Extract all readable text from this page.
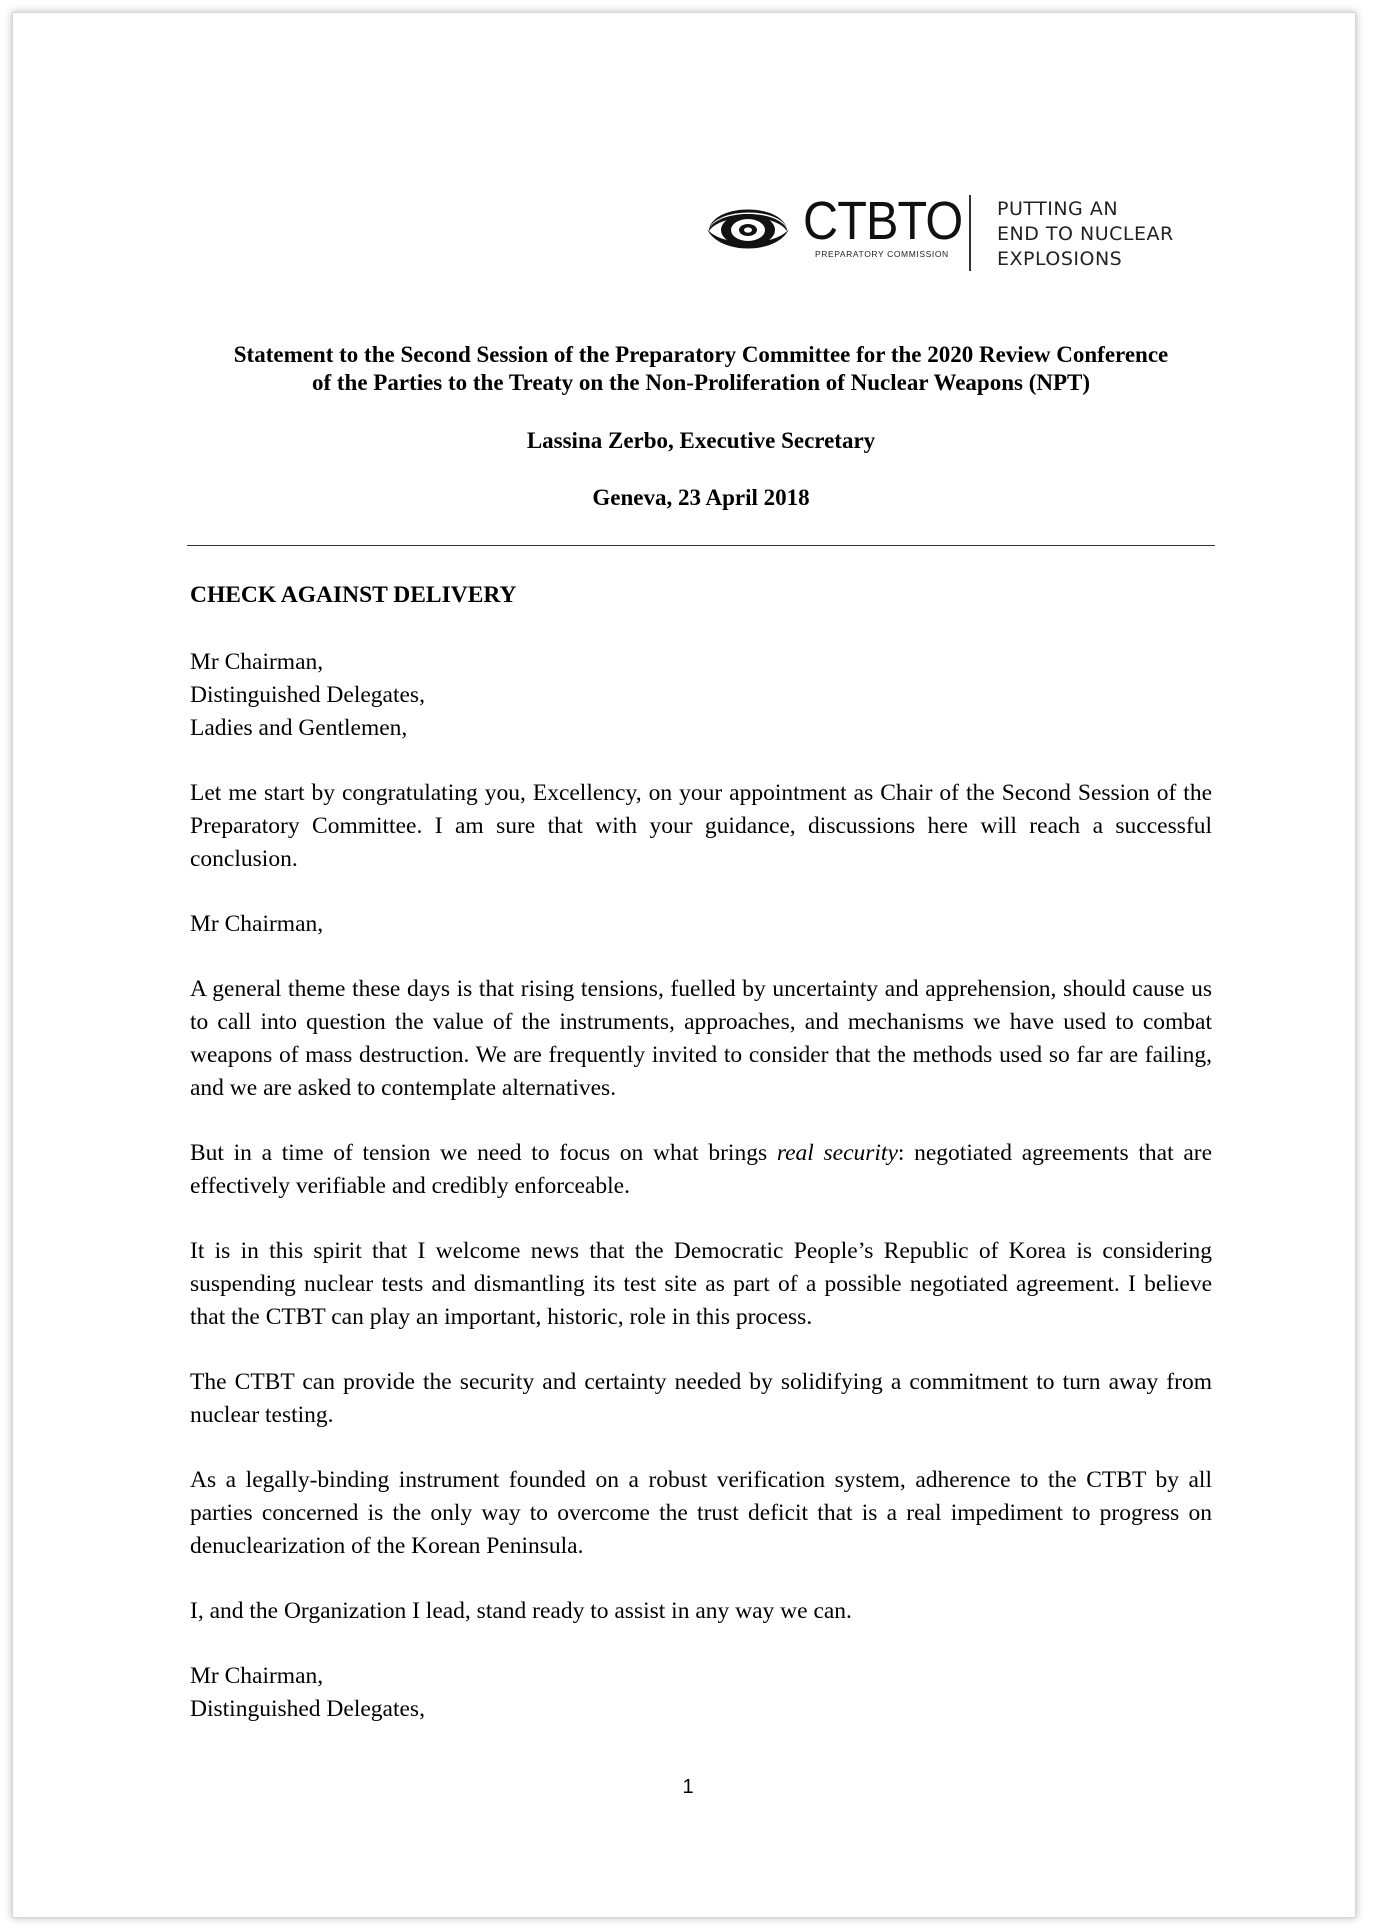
CTBTO
PREPARATORY COMMISSION
PUTTING AN
END TO NUCLEAR
EXPLOSIONS
Statement to the Second Session of the Preparatory Committee for the 2020 Review Conference
of the Parties to the Treaty on the Non-Proliferation of Nuclear Weapons (NPT)
Lassina Zerbo, Executive Secretary
Geneva, 23 April 2018

CHECK AGAINST DELIVERY

Mr Chairman,
Distinguished Delegates,
Ladies and Gentlemen,

Let me start by congratulating you, Excellency, on your appointment as Chair of the Second Session of the Preparatory Committee. I am sure that with your guidance, discussions here will reach a successful conclusion.

Mr Chairman,

A general theme these days is that rising tensions, fuelled by uncertainty and apprehension, should cause us to call into question the value of the instruments, approaches, and mechanisms we have used to combat weapons of mass destruction. We are frequently invited to consider that the methods used so far are failing, and we are asked to contemplate alternatives.

But in a time of tension we need to focus on what brings real security: negotiated agreements that are effectively verifiable and credibly enforceable.

It is in this spirit that I welcome news that the Democratic People’s Republic of Korea is considering suspending nuclear tests and dismantling its test site as part of a possible negotiated agreement. I believe that the CTBT can play an important, historic, role in this process.

The CTBT can provide the security and certainty needed by solidifying a commitment to turn away from nuclear testing.

As a legally-binding instrument founded on a robust verification system, adherence to the CTBT by all parties concerned is the only way to overcome the trust deficit that is a real impediment to progress on denuclearization of the Korean Peninsula.

I, and the Organization I lead, stand ready to assist in any way we can.

Mr Chairman,
Distinguished Delegates,

1
